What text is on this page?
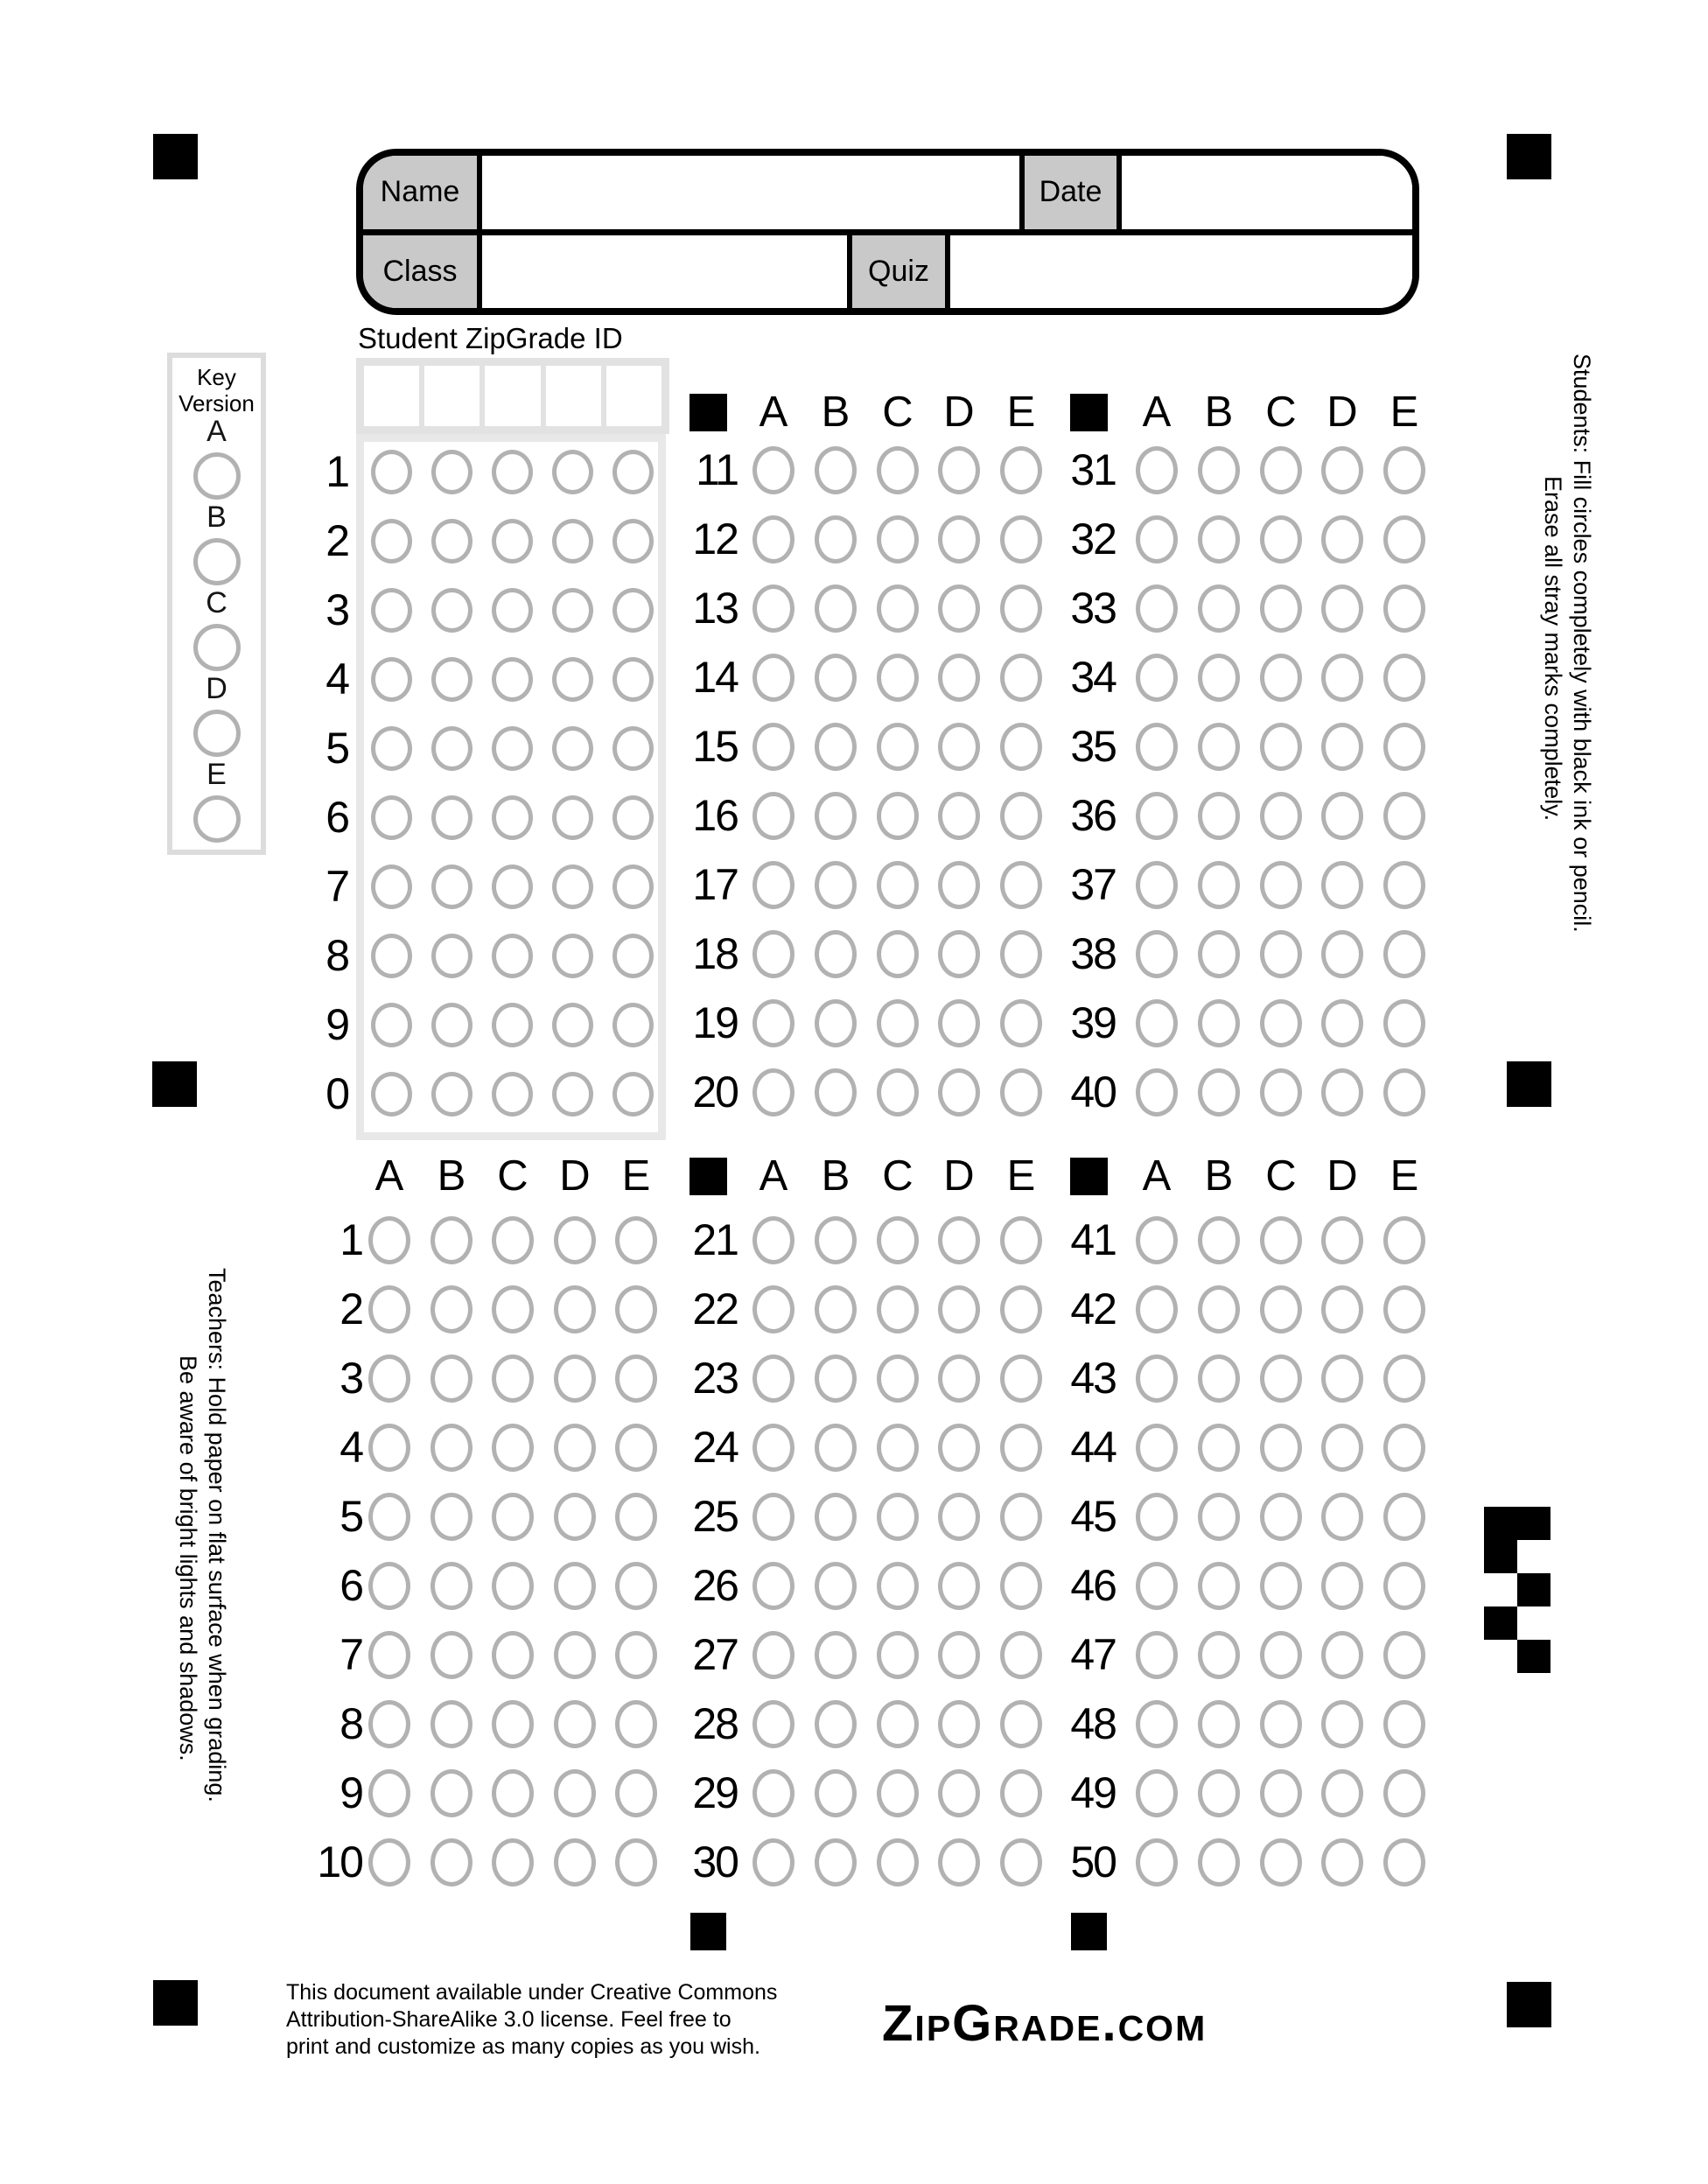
Name	Date
Class	Quiz
Student ZipGrade ID
Key
Version
A
B
C
D
E	Students: Fill circles completely with black ink or pencil.
Erase all stray marks completely.
Teachers: Hold paper on flat surface when grading.
Be aware of bright lights and shadows.
This document available under Creative Commons
Attribution-ShareAlike 3.0 license. Feel free to
print and customize as many copies as you wish.	ZipGrade.com
1
2
3
4
5
6
7
8
9
0
A B C D E
1
2
3
4
5
6
7
8
9
10
A B C D E
11
12
13
14
15
16
17
18
19
20
A B C D E
21
22
23
24
25
26
27
28
29
30
A B C D E
31
32
33
34
35
36
37
38
39
40
A B C D E
41
42
43
44
45
46
47
48
49
50
